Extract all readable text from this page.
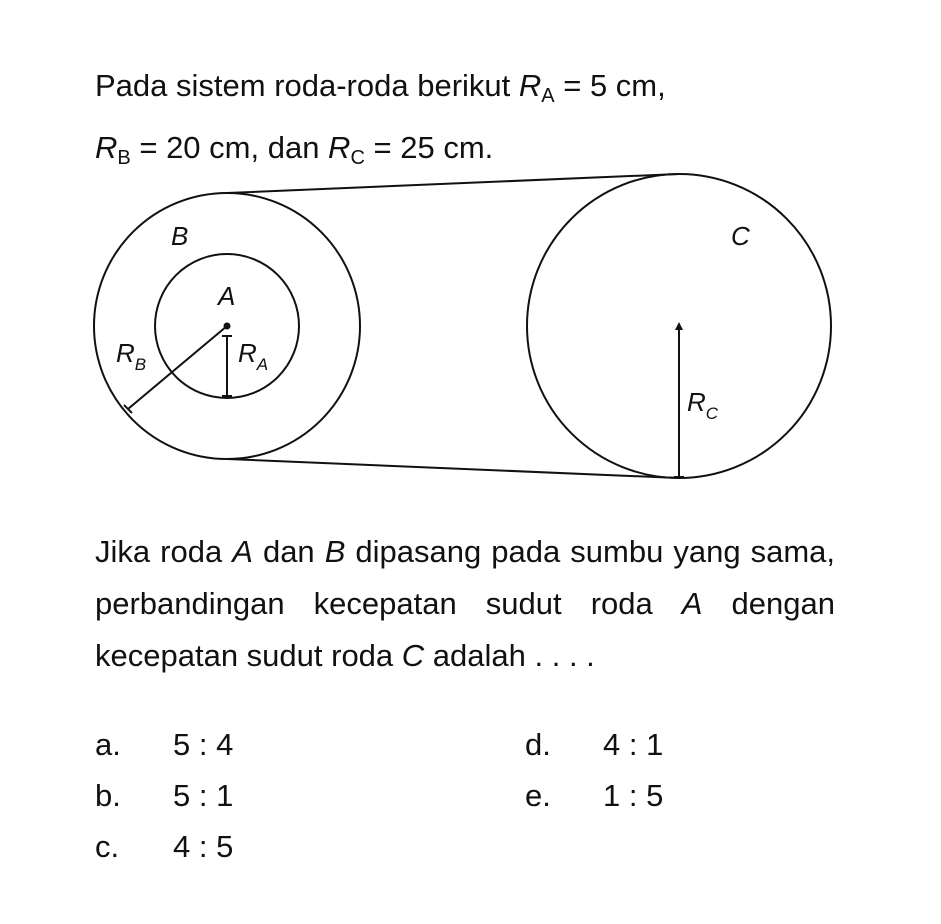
Pada sistem roda-roda berikut $R_A = 5$ cm,
$R_B = 20$ cm, dan $R_C = 25$ cm.
B
A
C
$R_B$	$R_A$
$R_C$
Jika roda A dan B dipasang pada sumbu yang sama, perbandingan kecepatan sudut roda A dengan kecepatan sudut roda C adalah . . . .
a. 5 : 4
b. 5 : 1
c. 4 : 5
d. 4 : 1
e. 1 : 5
